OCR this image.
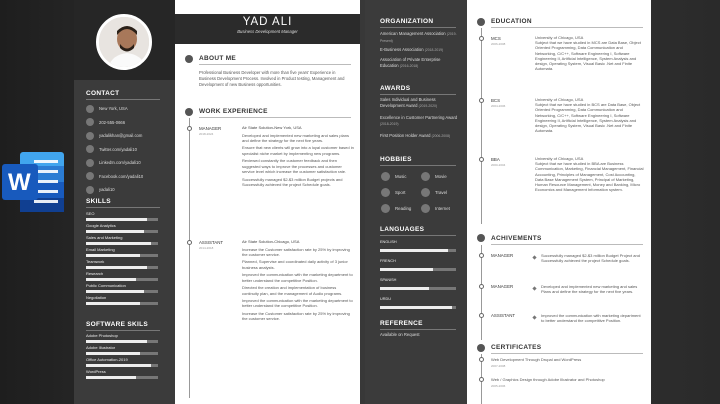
W
CONTACT
New York, USA
202-555-0666
yadalikhan@gmail.com
Twitter.com/yadali10
LinkedIn.com/yadali10
Facebook.com/yadali10
yadali10
SKILLS
SEO
Google Analytics
Sales and Marketing
Email Marketing
Teamwork
Research
Public Communication
Negotiation
SOFTWARE SKILS
Adobe Photoshop
Adobe Illustrator
Office Automation-2019
WordPress
YAD ALI
Business Development Manager
ABOUT ME
Professional Business Developer with more than five years' Experience in Business Development Process. Involved in Product testing, Management and Development of new Business opportunities.
WORK EXPERIENCE
MANAGER
2018-2024

Air State Solution-New York, USA

Developed and implemented new marketing and sales plans and define the strategy for the next five years.

Ensure that new clients will grow into a loyal customer based in specialist niche market by implementing new programs.

Reviewed constantly the customer feedback and then suggested ways to improve the processes and customer service level which increase the customer satisfaction rate.

Successfully managed $2-$3 million Budget projects and Successfully achieved the project Schedule goals.

ASSISTANT
2014-2018

Air State Solution-Chicago, USA

Increase the Customer satisfaction rate by 25% by improving the customer service.

Planned, Supervise and coordinated daily activity of 3 junior business analysts.

Improved the communication with the marketing department to better understand the competitive Position.

Directed the creation and implementation of business continuity plan, and the management of Audio programs.

Improved the communication with the marketing department to better understand the competitive Position.

Increase the Customer satisfaction rate by 25% by improving the customer service.

ORGANIZATION
American Management Association (2019-Present)
E-Business Association (2018-2019)
Association of Private Enterprise Education (2016-2018)
AWARDS
Sales Individual and Business Development Award (2019-2020)
Excellence in Customer Partnering Award (2018-2019)
First Position Holder Award (2006-2008)
HOBBIES
Music	Movie
Sport	Travel
Reading	Internet
LANGUAGES
ENGLISH
FRENCH
SPANISH
URDU
REFERENCE
Available on Request
EDUCATION
MCS
2006-2008
University of Chicago, USA
Subject that we have studied in MCS are Data Base, Object Oriented Programming, Data Communication and Networking, C/C++, Software Engineering I, Software Engineering II, Artificial Intelligence, System Analysis and design, Operating System, Visual Basic .Net and Finite Automata.
BCS
2004-2006
University of Chicago, USA
Subject that we have studied in BCS are Data Base, Object Oriented Programming, Data Communication and Networking, C/C++, Software Engineering I, Software Engineering II, Artificial Intelligence, System Analysis and design, Operating System, Visual Basic .Net and Finite Automata.
BBA
2000-2004
University of Chicago, USA
Subject that we have studied in BBA are Business Communication, Marketing, Financial Management, Financial Accounting, Principles of Management, Cost Accounting, Data Base Management System, Principal of Marketing, Human Resource Management, Money and Banking, Micro Economics and Management Information system.
ACHIVEMENTS
MANAGER	Successfully managed $2-$3 million Budget Project and Successfully achieved the project Schedule goals.
MANAGER	Developed and implemented new marketing and sales Plans and define the strategy for the next five years.
ASSISTANT	Improved the communication with marketing department to better understand the competitive Position.
CERTIFICATES
Web Development Through Drupal and WordPress
2007-2008
Web / Graphics Design through Adobe Illustrator and Photoshop
2005-2006
